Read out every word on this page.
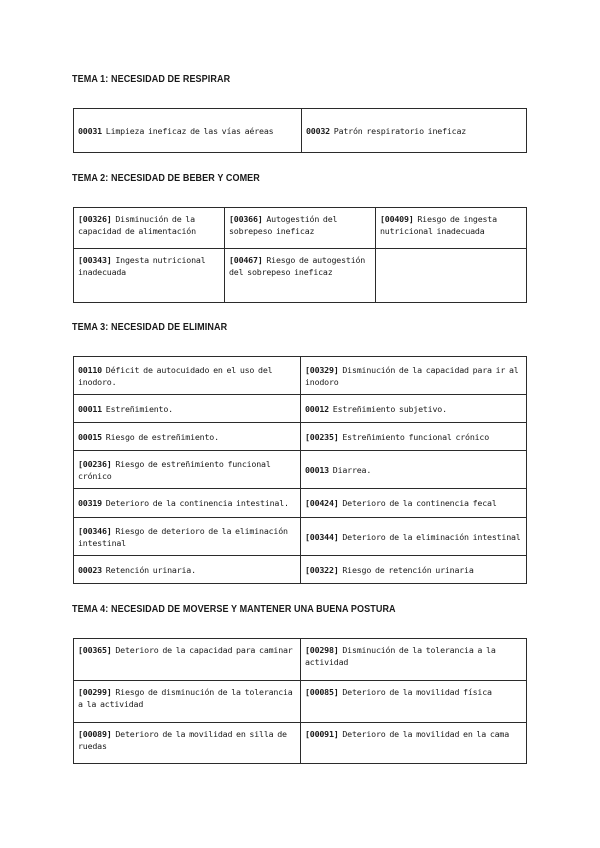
TEMA 1: NECESIDAD DE RESPIRAR
00031 Limpieza ineficaz de las vías aéreas	00032 Patrón respiratorio ineficaz
TEMA 2: NECESIDAD DE BEBER Y COMER
[00326] Disminución de la capacidad de alimentación	[00366] Autogestión del sobrepeso ineficaz	[00409] Riesgo de ingesta nutricional inadecuada
[00343] Ingesta nutricional inadecuada	[00467] Riesgo de autogestión del sobrepeso ineficaz	
TEMA 3: NECESIDAD DE ELIMINAR
00110 Déficit de autocuidado en el uso del inodoro.	[00329] Disminución de la capacidad para ir al inodoro
00011 Estreñimiento.	00012 Estreñimiento subjetivo.
00015 Riesgo de estreñimiento.	[00235] Estreñimiento funcional crónico
[00236] Riesgo de estreñimiento funcional crónico	00013 Diarrea.
00319 Deterioro de la continencia intestinal.	[00424] Deterioro de la continencia fecal
[00346] Riesgo de deterioro de la eliminación intestinal	[00344] Deterioro de la eliminación intestinal
00023 Retención urinaria.	[00322] Riesgo de retención urinaria
TEMA 4: NECESIDAD DE MOVERSE Y MANTENER UNA BUENA POSTURA
[00365] Deterioro de la capacidad para caminar	[00298] Disminución de la tolerancia a la actividad
[00299] Riesgo de disminución de la tolerancia a la actividad	[00085] Deterioro de la movilidad física
[00089] Deterioro de la movilidad en silla de ruedas	[00091] Deterioro de la movilidad en la cama
